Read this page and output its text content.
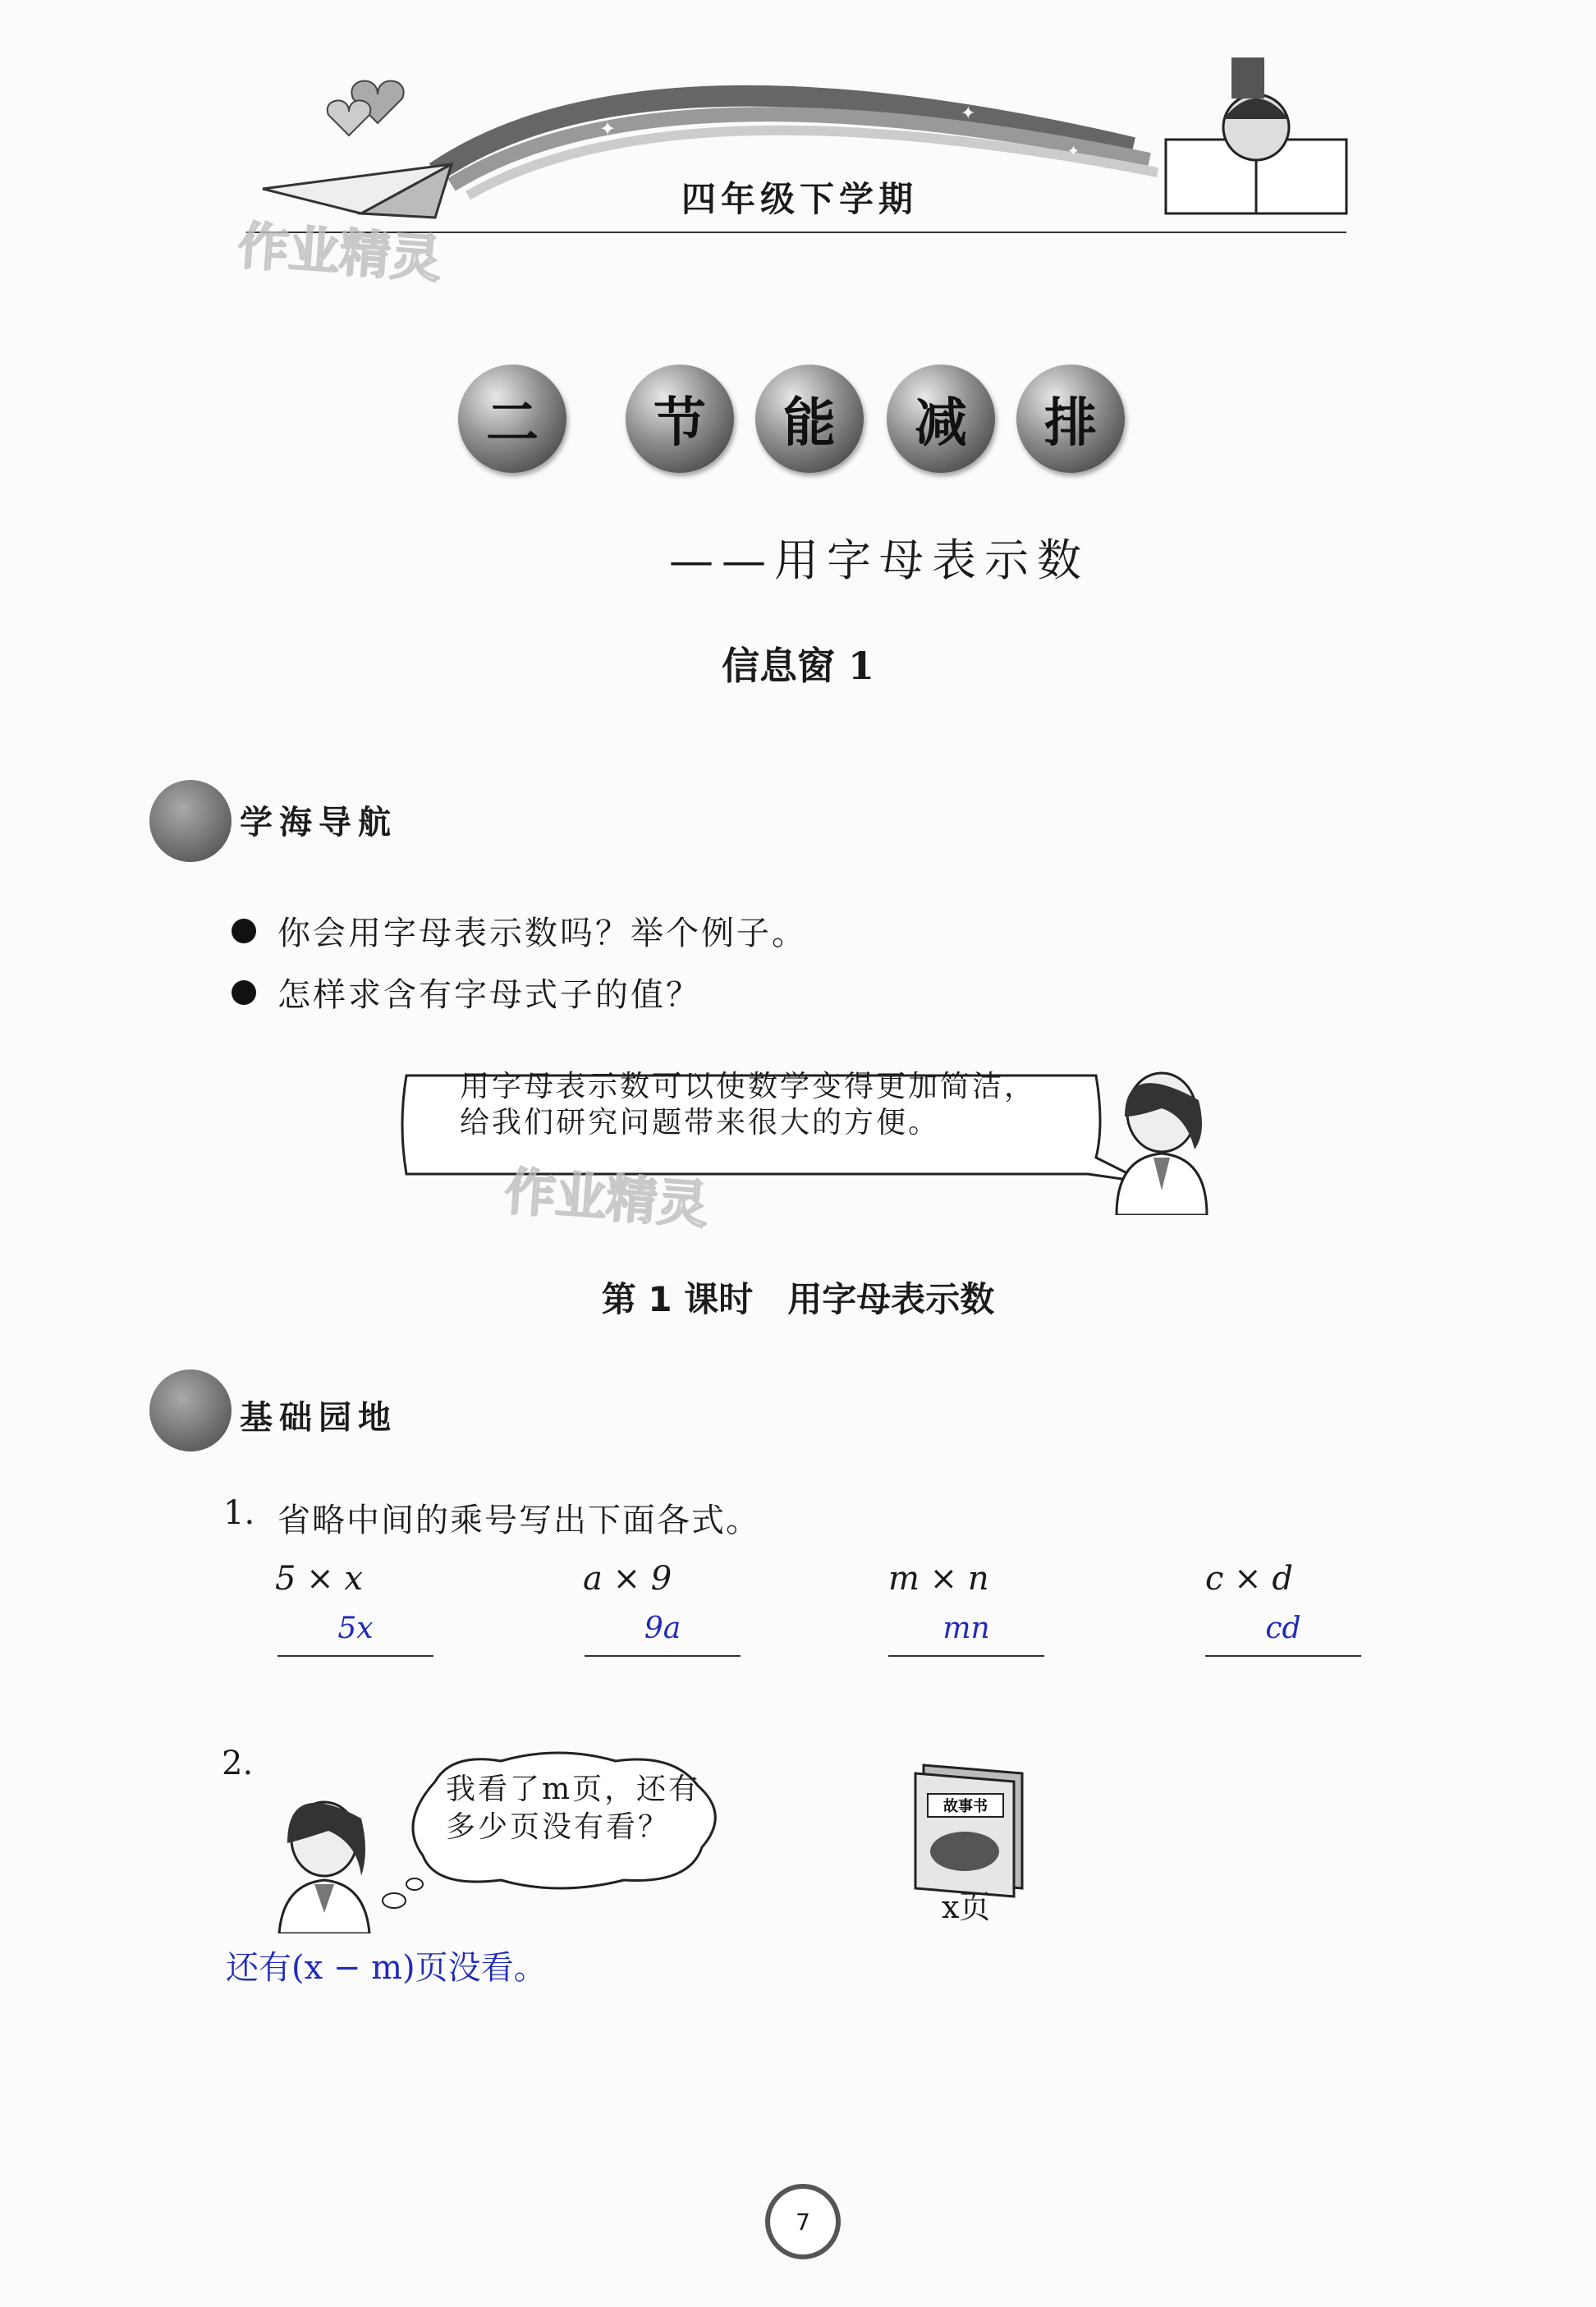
✦
✦
✦
四年级下学期
作业精灵
二 节 能 减 排
——用字母表示数
信息窗 1
学海导航
你会用字母表示数吗？举个例子。
怎样求含有字母式子的值？
用字母表示数可以使数学变得更加简洁，
给我们研究问题带来很大的方便。
作业精灵
第 1 课时　用字母表示数
基础园地
1. 省略中间的乘号写出下面各式。
5 × x	a × 9	m × n	c × d
5x	9a	mn	cd
2.
我看了m页，还有
多少页没有看？
故事书
x页
还有(x − m)页没看。
7
